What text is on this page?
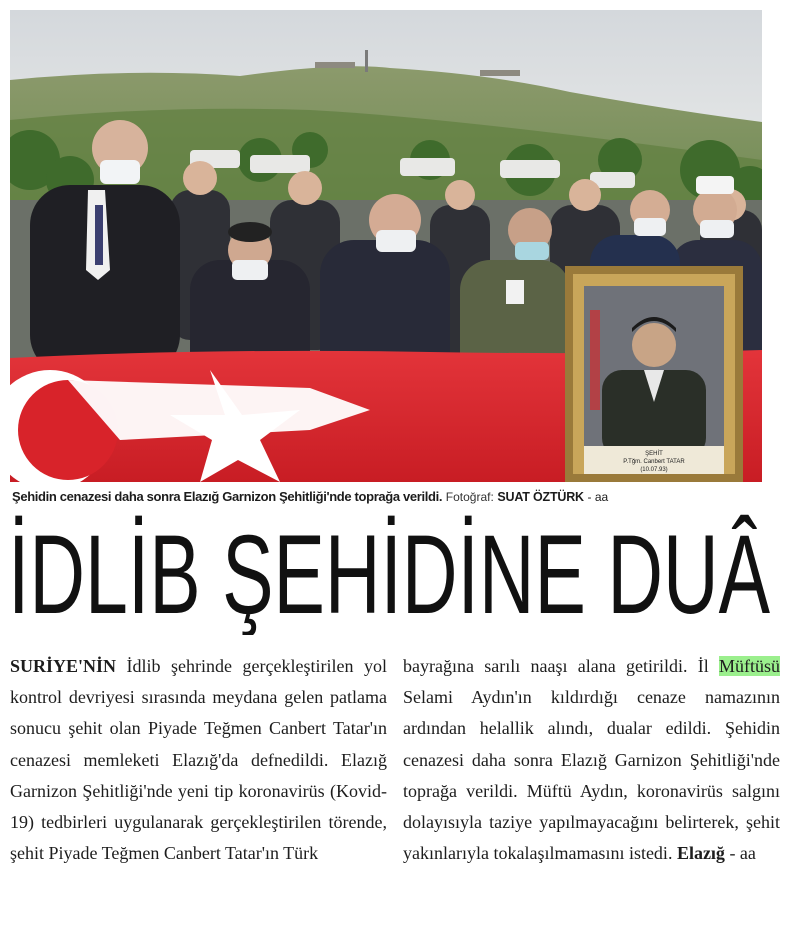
ŞEHİT
P.Tğm. Canbert TATAR
(10.07.93)
Şehidin cenazesi daha sonra Elazığ Garnizon Şehitliği'nde toprağa verildi. Fotoğraf: SUAT ÖZTÜRK - aa
İDLİB ŞEHİDİNE DUÂ

SURİYE'NİN İdlib şehrinde gerçekleştirilen yol kontrol devriyesi sırasında meydana gelen patlama sonucu şehit olan Piyade Teğmen Canbert Tatar'ın cenazesi memleketi Elazığ'da defnedildi. Elazığ Garnizon Şehitliği'nde yeni tip koronavirüs (Kovid-19) tedbirleri uygulanarak gerçekleştirilen törende, şehit Piyade Teğmen Canbert Tatar'ın Türk

bayrağına sarılı naaşı alana getirildi. İl Müftüsü Selami Aydın'ın kıldırdığı cenaze namazının ardından helallik alındı, dualar edildi. Şehidin cenazesi daha sonra Elazığ Garnizon Şehitliği'nde toprağa verildi. Müftü Aydın, koronavirüs salgını dolayısıyla taziye yapılmayacağını belirterek, şehit yakınlarıyla tokalaşılmamasını istedi. Elazığ - aa
